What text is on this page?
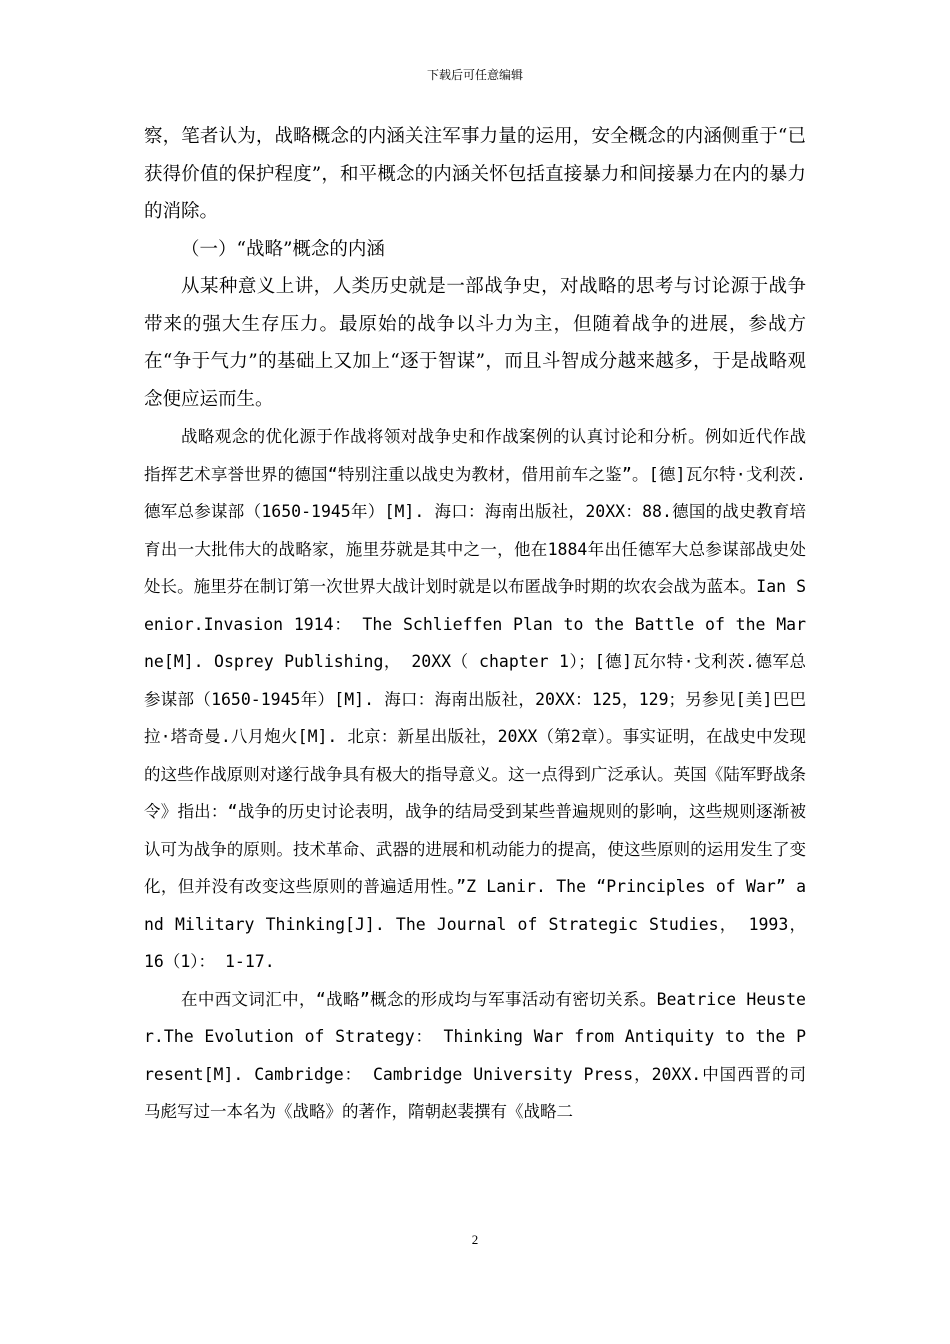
下载后可任意编辑

察，笔者认为，战略概念的内涵关注军事力量的运用，安全概念的内涵侧重于“已获得价值的保护程度”，和平概念的内涵关怀包括直接暴力和间接暴力在内的暴力的消除。

（一）“战略”概念的内涵

从某种意义上讲，人类历史就是一部战争史，对战略的思考与讨论源于战争带来的强大生存压力。最原始的战争以斗力为主，但随着战争的进展，参战方在“争于气力”的基础上又加上“逐于智谋”，而且斗智成分越来越多，于是战略观念便应运而生。

战略观念的优化源于作战将领对战争史和作战案例的认真讨论和分析。例如近代作战指挥艺术享誉世界的德国“特别注重以战史为教材，借用前车之鉴”。[德]瓦尔特·戈利茨.德军总参谋部（1650-1945年）[M]. 海口：海南出版社，20XX：88.德国的战史教育培育出一大批伟大的战略家，施里芬就是其中之一，他在1884年出任德军大总参谋部战史处处长。施里芬在制订第一次世界大战计划时就是以布匿战争时期的坎农会战为蓝本。Ian Senior.Invasion 1914： The Schlieffen Plan to the Battle of the Marne[M]. Osprey Publishing， 20XX（ chapter 1）；[德]瓦尔特·戈利茨.德军总参谋部（1650-1945年）[M]. 海口：海南出版社，20XX：125，129；另参见[美]巴巴拉·塔奇曼.八月炮火[M]. 北京：新星出版社，20XX（第2章）。事实证明，在战史中发现的这些作战原则对遂行战争具有极大的指导意义。这一点得到广泛承认。英国《陆军野战条令》指出：“战争的历史讨论表明，战争的结局受到某些普遍规则的影响，这些规则逐渐被认可为战争的原则。技术革命、武器的进展和机动能力的提高，使这些原则的运用发生了变化，但并没有改变这些原则的普遍适用性。”Z Lanir. The “Principles of War” and Military Thinking[J]. The Journal of Strategic Studies， 1993， 16（1）： 1-17.

在中西文词汇中，“战略”概念的形成均与军事活动有密切关系。Beatrice Heuster.The Evolution of Strategy： Thinking War from Antiquity to the Present[M]. Cambridge： Cambridge University Press，20XX.中国西晋的司马彪写过一本名为《战略》的著作，隋朝赵裴撰有《战略二

2
